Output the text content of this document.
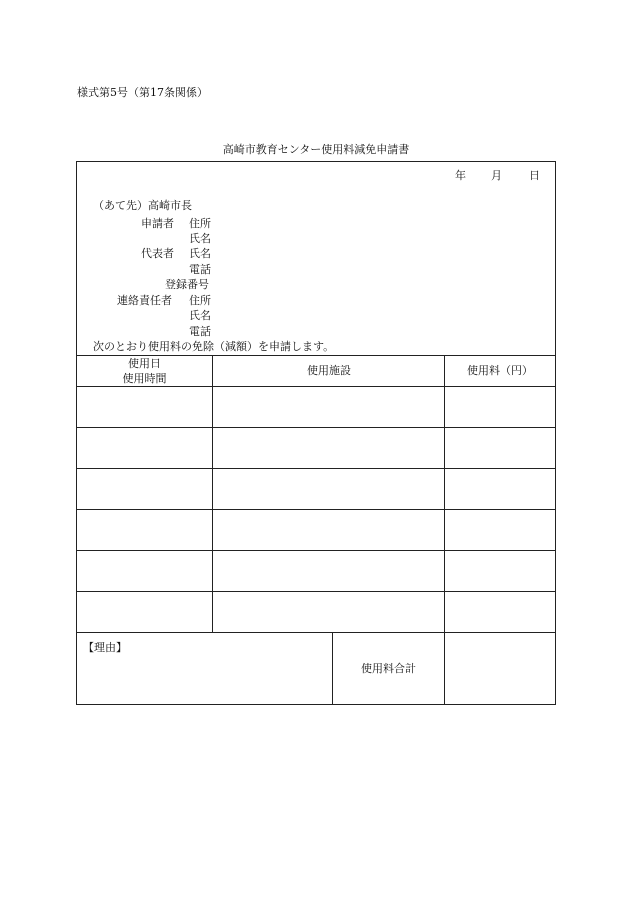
様式第5号（第17条関係）
高崎市教育センター使用料減免申請書
年 月 日
（あて先）高崎市長
申請者 住所
氏名
代表者 氏名
電話
登録番号
連絡責任者 住所
氏名
電話
次のとおり使用料の免除（減額）を申請します。
使用日
使用時間
使用施設	使用料（円）
【理由】
使用料合計
